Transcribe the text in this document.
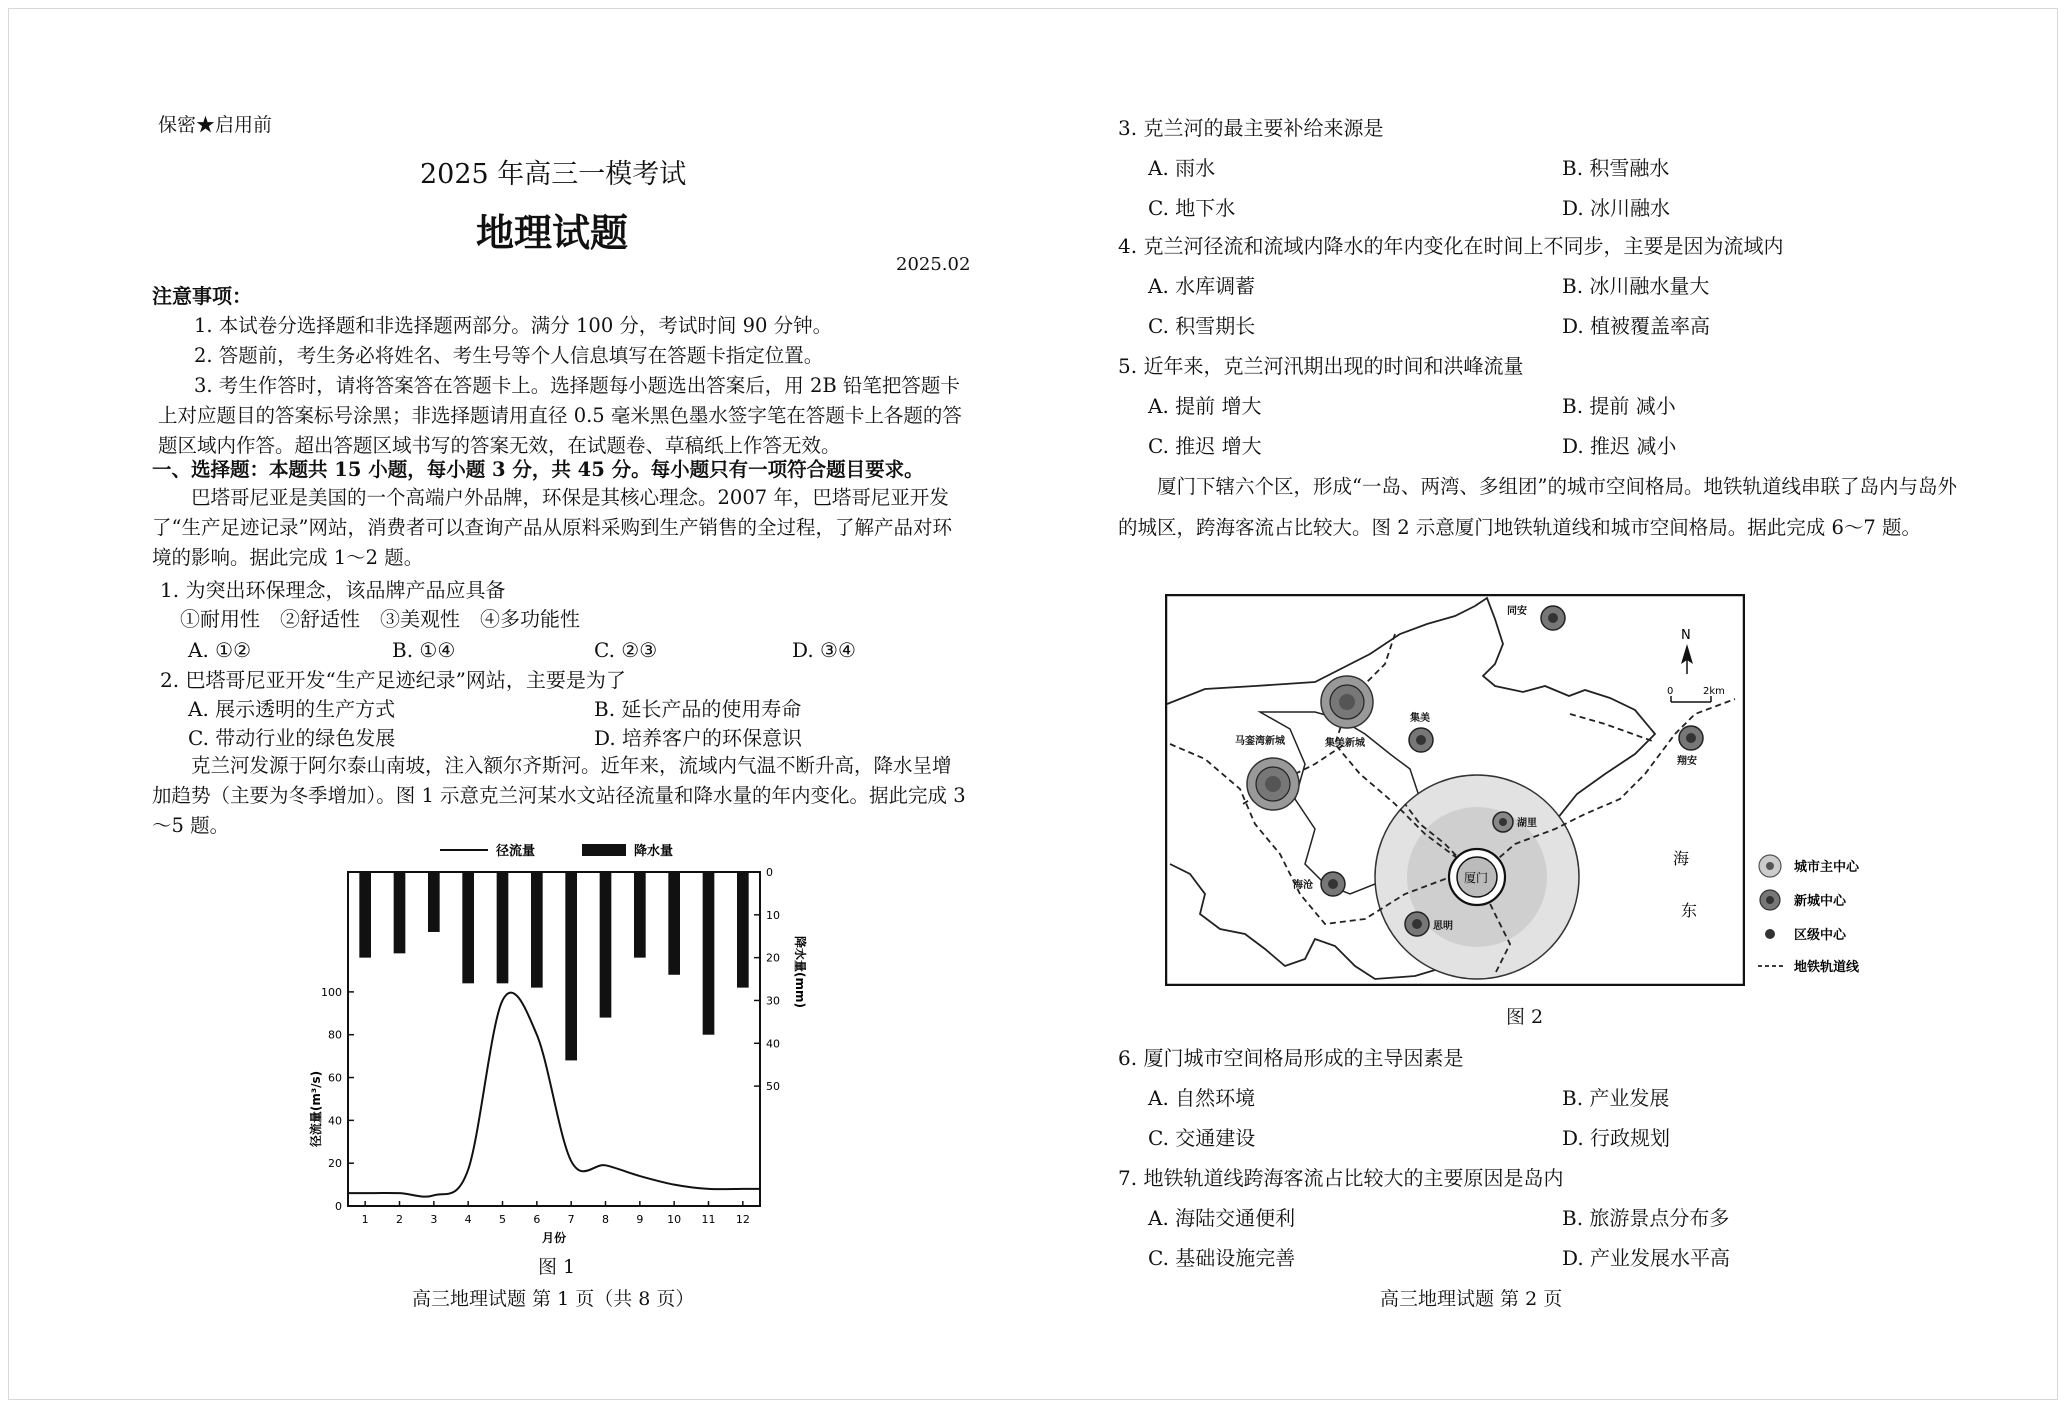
保密★启用前
2025 年高三一模考试
地理试题
2025.02
注意事项：
1. 本试卷分选择题和非选择题两部分。满分 100 分，考试时间 90 分钟。
2. 答题前，考生务必将姓名、考生号等个人信息填写在答题卡指定位置。
3. 考生作答时，请将答案答在答题卡上。选择题每小题选出答案后，用 2B 铅笔把答题卡上对应题目的答案标号涂黑；非选择题请用直径 0.5 毫米黑色墨水签字笔在答题卡上各题的答题区域内作答。超出答题区域书写的答案无效，在试题卷、草稿纸上作答无效。
一、选择题：本题共 15 小题，每小题 3 分，共 45 分。每小题只有一项符合题目要求。
巴塔哥尼亚是美国的一个高端户外品牌，环保是其核心理念。2007 年，巴塔哥尼亚开发了“生产足迹记录”网站，消费者可以查询产品从原料采购到生产销售的全过程，了解产品对环境的影响。据此完成 1～2 题。
1. 为突出环保理念，该品牌产品应具备
①耐用性　②舒适性　③美观性　④多功能性
A. ①②	B. ①④	C. ②③	D. ③④
2. 巴塔哥尼亚开发“生产足迹纪录”网站，主要是为了
A. 展示透明的生产方式	B. 延长产品的使用寿命
C. 带动行业的绿色发展	D. 培养客户的环保意识
克兰河发源于阿尔泰山南坡，注入额尔齐斯河。近年来，流域内气温不断升高，降水呈增加趋势（主要为冬季增加）。图 1 示意克兰河某水文站径流量和降水量的年内变化。据此完成 3～5 题。
径流量	降水量
0
20
40
60
80
100
0
10
20
30
40
50
1 2 3 4 5 6 7 8 9 10 11 12
月份
径流量(m³/s)
降水量(mm)
图 1
高三地理试题 第 1 页（共 8 页）
3. 克兰河的最主要补给来源是
A. 雨水	B. 积雪融水
C. 地下水	D. 冰川融水
4. 克兰河径流和流域内降水的年内变化在时间上不同步，主要是因为流域内
A. 水库调蓄	B. 冰川融水量大
C. 积雪期长	D. 植被覆盖率高
5. 近年来，克兰河汛期出现的时间和洪峰流量
A. 提前 增大	B. 提前 减小
C. 推迟 增大	D. 推迟 减小
厦门下辖六个区，形成“一岛、两湾、多组团”的城市空间格局。地铁轨道线串联了岛内与岛外的城区，跨海客流占比较大。图 2 示意厦门地铁轨道线和城市空间格局。据此完成 6～7 题。
N
0	2km
厦门
同安
马銮湾新城	集美新城
集美
翔安
湖里
思明
海沧
海
东
城市主中心
新城中心
区级中心
地铁轨道线
图 2
6. 厦门城市空间格局形成的主导因素是
A. 自然环境	B. 产业发展
C. 交通建设	D. 行政规划
7. 地铁轨道线跨海客流占比较大的主要原因是岛内
A. 海陆交通便利	B. 旅游景点分布多
C. 基础设施完善	D. 产业发展水平高
高三地理试题 第 2 页
